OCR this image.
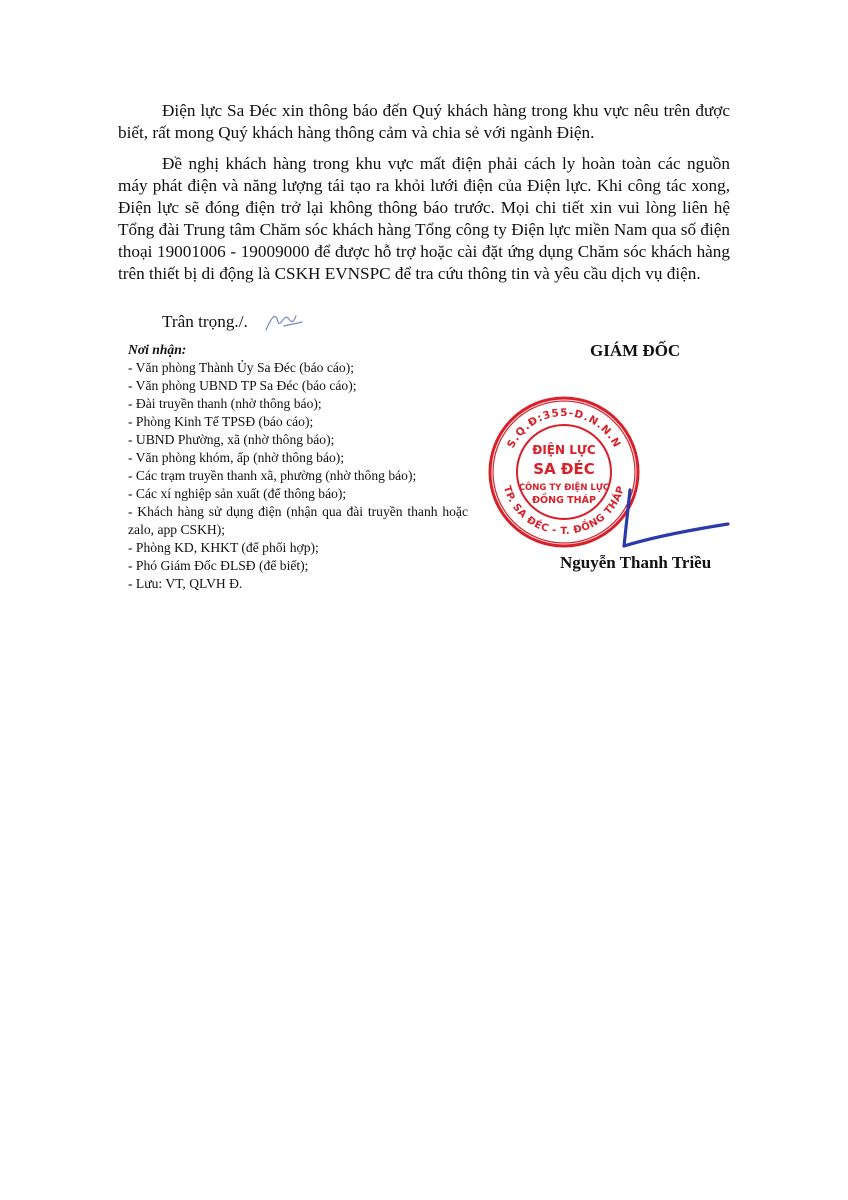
Điện lực Sa Đéc xin thông báo đến Quý khách hàng trong khu vực nêu trên được biết, rất mong Quý khách hàng thông cảm và chia sẻ với ngành Điện.

Đề nghị khách hàng trong khu vực mất điện phải cách ly hoàn toàn các nguồn máy phát điện và năng lượng tái tạo ra khỏi lưới điện của Điện lực. Khi công tác xong, Điện lực sẽ đóng điện trở lại không thông báo trước. Mọi chi tiết xin vui lòng liên hệ Tổng đài Trung tâm Chăm sóc khách hàng Tổng công ty Điện lực miền Nam qua số điện thoại 19001006 - 19009000 để được hỗ trợ hoặc cài đặt ứng dụng Chăm sóc khách hàng trên thiết bị di động là CSKH EVNSPC để tra cứu thông tin và yêu cầu dịch vụ điện.

Trân trọng./.
Nơi nhận:
- Văn phòng Thành Ủy Sa Đéc (báo cáo);
- Văn phòng UBND TP Sa Đéc (báo cáo);
- Đài truyền thanh (nhờ thông báo);
- Phòng Kinh Tế TPSĐ (báo cáo);
- UBND Phường, xã (nhờ thông báo);
- Văn phòng khóm, ấp (nhờ thông báo);
- Các trạm truyền thanh xã, phường (nhờ thông báo);
- Các xí nghiệp sản xuất (để thông báo);
- Khách hàng sử dụng điện (nhận qua đài truyền thanh hoặc zalo, app CSKH);
- Phòng KD, KHKT (để phối hợp);
- Phó Giám Đốc ĐLSĐ (để biết);
- Lưu: VT, QLVH Đ.
GIÁM ĐỐC
S.Q.Đ:355-D.N.N.N
TP. SA ĐÉC - T. ĐỒNG THÁP
ĐIỆN LỰC
SA ĐÉC
CÔNG TY ĐIỆN LỰC
ĐỒNG THÁP
Nguyễn Thanh Triều
